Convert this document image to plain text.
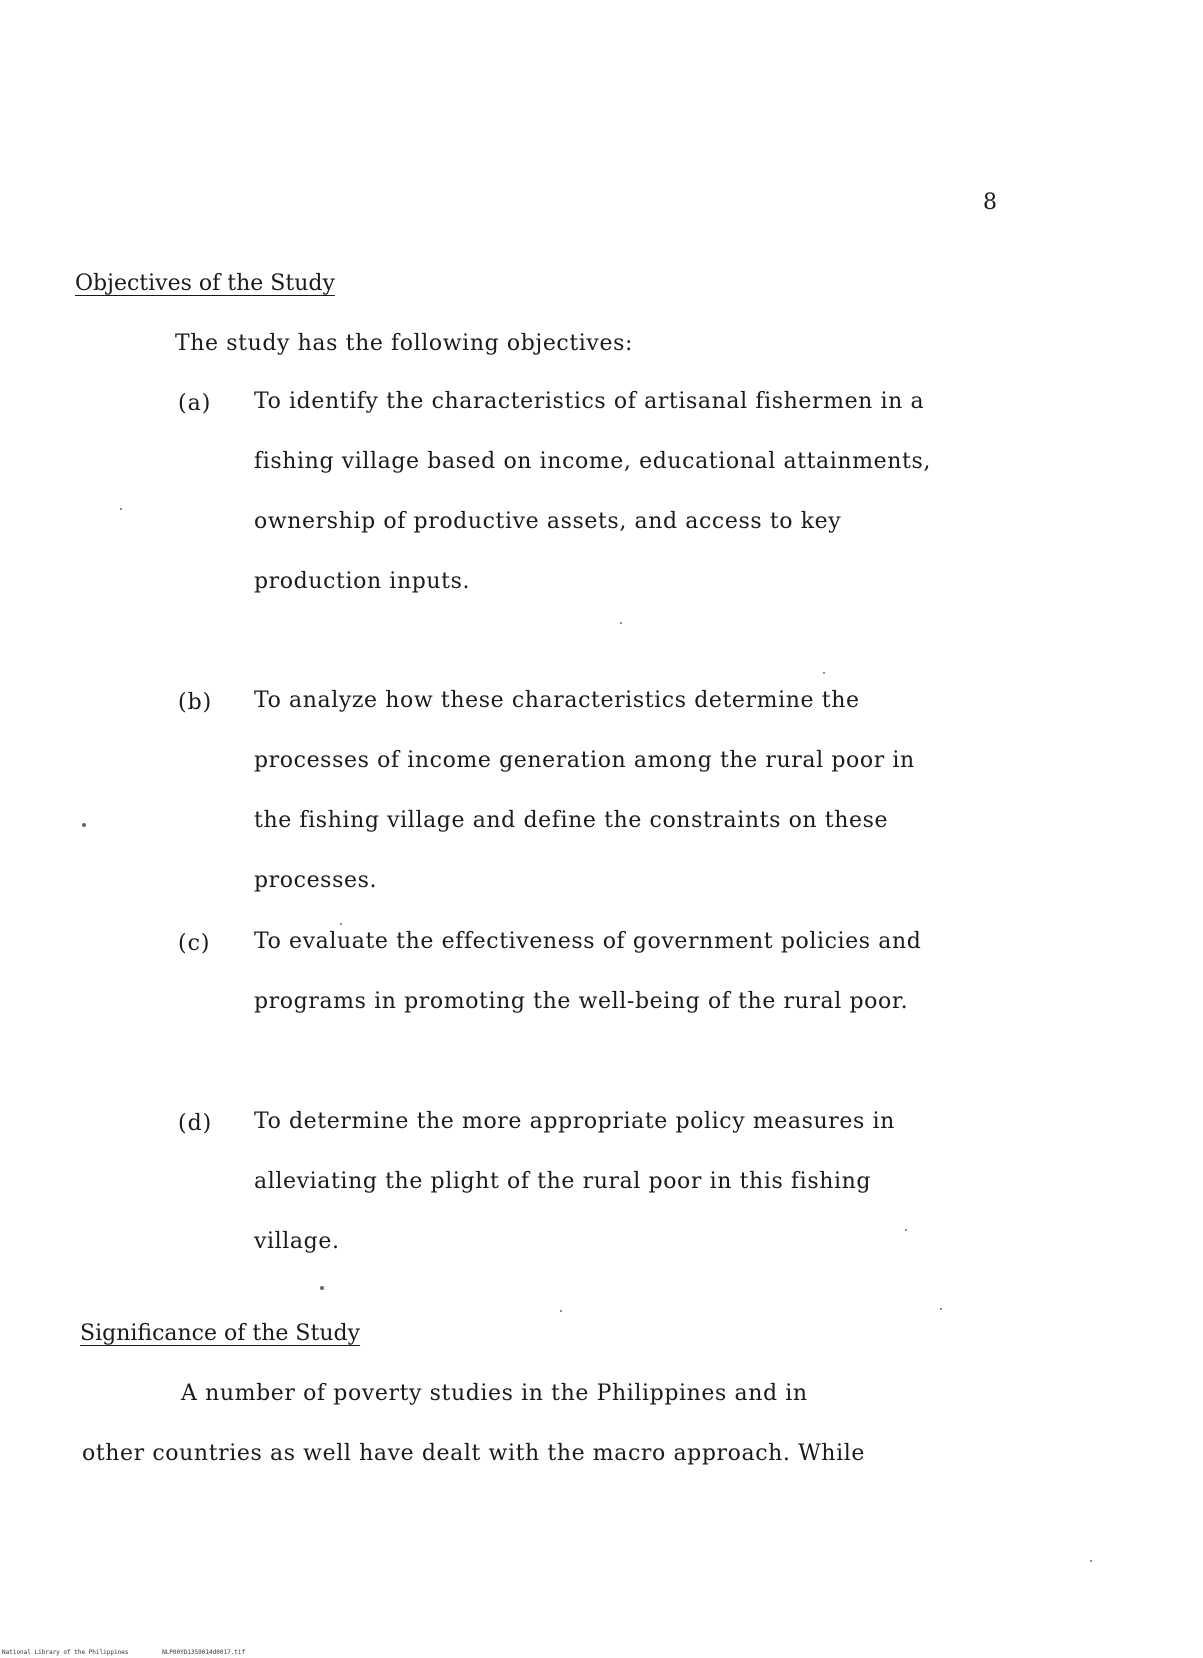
8
Objectives of the Study
The study has the following objectives:
(a) To identify the characteristics of artisanal fishermen in a fishing village based on income, educational attainments, ownership of productive assets, and access to key production inputs.
(b) To analyze how these characteristics determine the processes of income generation among the rural poor in the fishing village and define the constraints on these processes.
(c) To evaluate the effectiveness of government policies and programs in promoting the well-being of the rural poor.
(d) To determine the more appropriate policy measures in alleviating the plight of the rural poor in this fishing village.
Significance of the Study
A number of poverty studies in the Philippines and in
other countries as well have dealt with the macro approach. While
National Library of the Philippines	NLP00YD1359014d0017.tif
